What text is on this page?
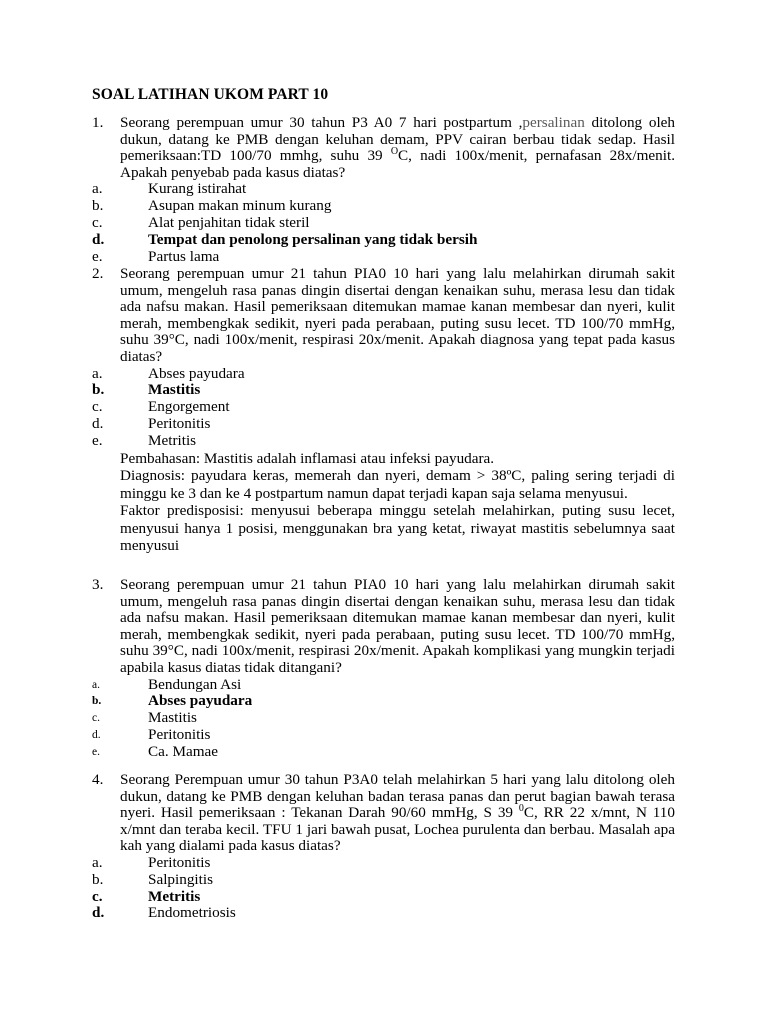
SOAL LATIHAN UKOM PART 10
1.	Seorang perempuan umur 30 tahun P3 A0 7 hari postpartum ,persalinan ditolong oleh dukun, datang ke PMB dengan keluhan demam, PPV cairan berbau tidak sedap. Hasil pemeriksaan:TD 100/70 mmhg, suhu 39 $^O$C, nadi 100x/menit, pernafasan 28x/menit. Apakah penyebab pada kasus diatas?
a.	Kurang istirahat
b.	Asupan makan minum kurang
c.	Alat penjahitan tidak steril
d.	Tempat dan penolong persalinan yang tidak bersih
e.	Partus lama
2.	Seorang perempuan umur 21 tahun PIA0 10 hari yang lalu melahirkan dirumah sakit umum, mengeluh rasa panas dingin disertai dengan kenaikan suhu, merasa lesu dan tidak ada nafsu makan. Hasil pemeriksaan ditemukan mamae kanan membesar dan nyeri, kulit merah, membengkak sedikit, nyeri pada perabaan, puting susu lecet. TD 100/70 mmHg, suhu 39°C, nadi 100x/menit, respirasi 20x/menit. Apakah diagnosa yang tepat pada kasus diatas?
a.	Abses payudara
b.	Mastitis
c.	Engorgement
d.	Peritonitis
e.	Metritis
Pembahasan: Mastitis adalah inflamasi atau infeksi payudara.
Diagnosis: payudara keras, memerah dan nyeri, demam > 38ºC, paling sering terjadi di minggu ke 3 dan ke 4 postpartum namun dapat terjadi kapan saja selama menyusui.
Faktor predisposisi: menyusui beberapa minggu setelah melahirkan, puting susu lecet, menyusui hanya 1 posisi, menggunakan bra yang ketat, riwayat mastitis sebelumnya saat menyusui
3.	Seorang perempuan umur 21 tahun PIA0 10 hari yang lalu melahirkan dirumah sakit umum, mengeluh rasa panas dingin disertai dengan kenaikan suhu, merasa lesu dan tidak ada nafsu makan. Hasil pemeriksaan ditemukan mamae kanan membesar dan nyeri, kulit merah, membengkak sedikit, nyeri pada perabaan, puting susu lecet. TD 100/70 mmHg, suhu 39°C, nadi 100x/menit, respirasi 20x/menit. Apakah komplikasi yang mungkin terjadi apabila kasus diatas tidak ditangani?
a.	Bendungan Asi
b.	Abses payudara
c.	Mastitis
d.	Peritonitis
e.	Ca. Mamae
4.	Seorang Perempuan umur 30 tahun P3A0 telah melahirkan 5 hari yang lalu ditolong oleh dukun, datang ke PMB dengan keluhan badan terasa panas dan perut bagian bawah terasa nyeri. Hasil pemeriksaan : Tekanan Darah 90/60 mmHg, S 39 $^0$C, RR 22 x/mnt, N 110 x/mnt dan teraba kecil. TFU 1 jari bawah pusat, Lochea purulenta dan berbau. Masalah apa kah yang dialami pada kasus diatas?
a.	Peritonitis
b.	Salpingitis
c.	Metritis
d.	Endometriosis
